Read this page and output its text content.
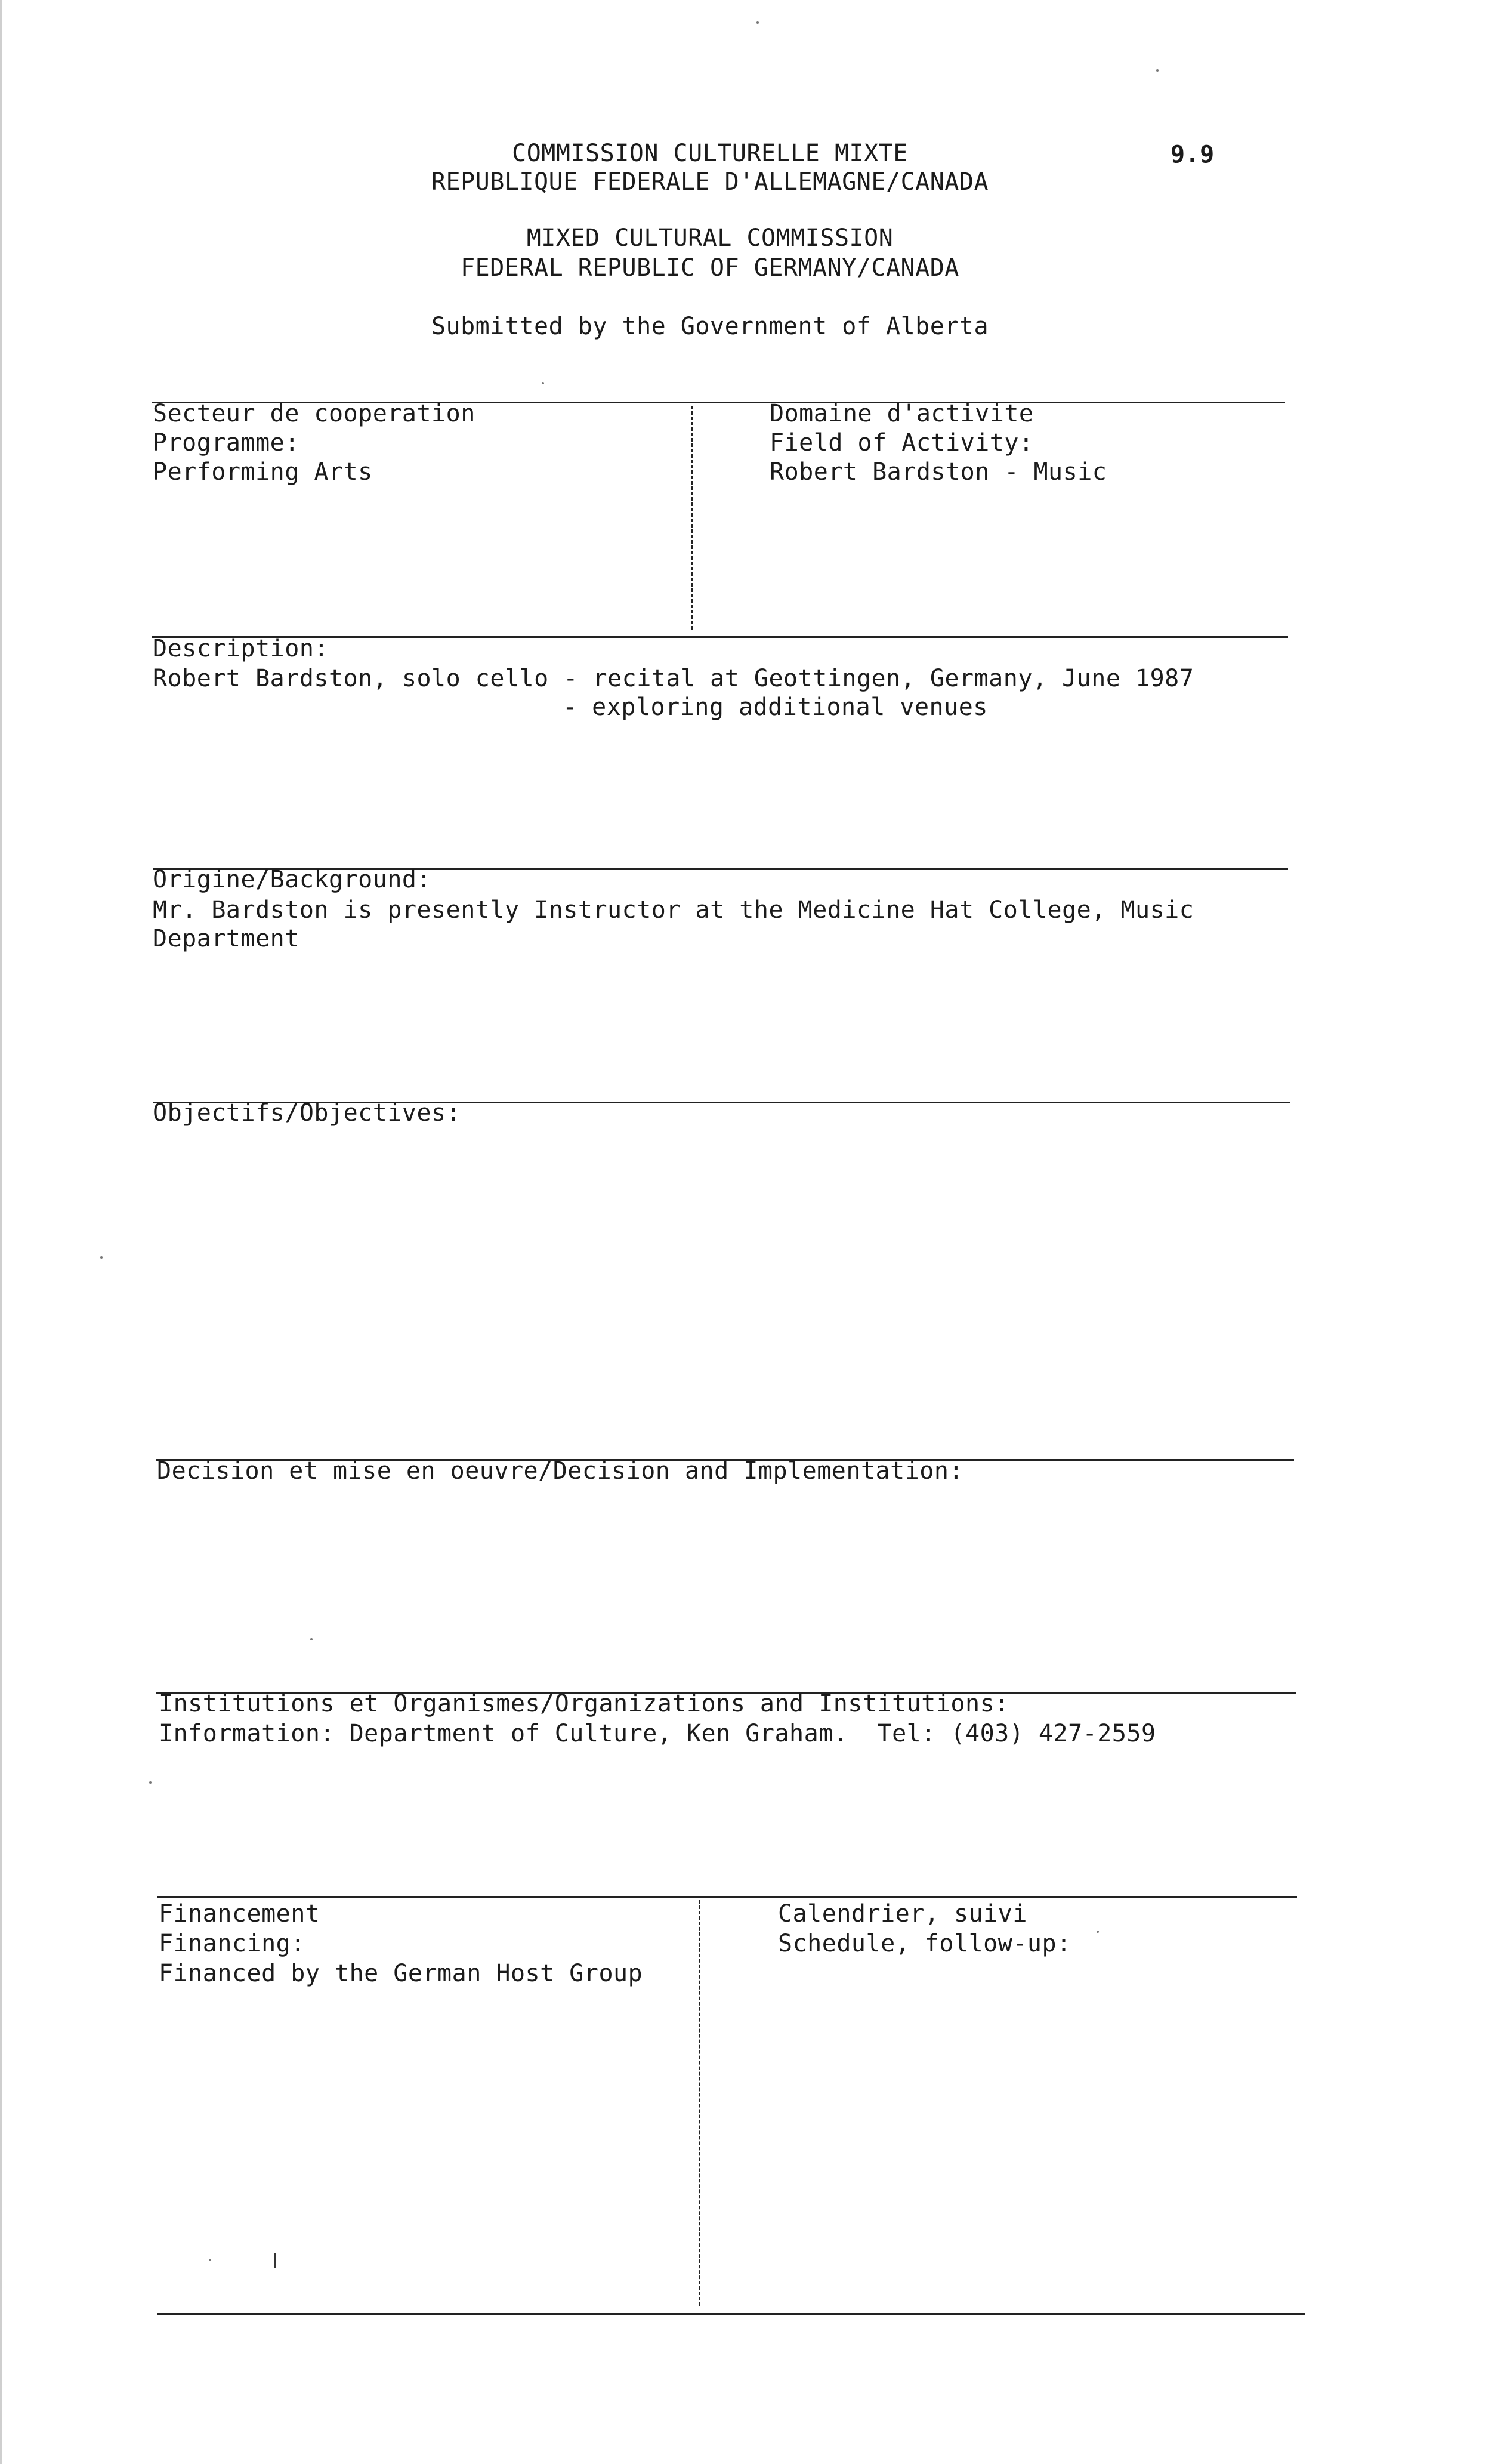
9.9
COMMISSION CULTURELLE MIXTE
REPUBLIQUE FEDERALE D'ALLEMAGNE/CANADA
MIXED CULTURAL COMMISSION
FEDERAL REPUBLIC OF GERMANY/CANADA
Submitted by the Government of Alberta
Secteur de cooperation
Programme:
Performing Arts
Domaine d'activite
Field of Activity:
Robert Bardston - Music
Description:
Robert Bardston, solo cello - recital at Geottingen, Germany, June 1987
- exploring additional venues
Origine/Background:
Mr. Bardston is presently Instructor at the Medicine Hat College, Music
Department
Objectifs/Objectives:
Decision et mise en oeuvre/Decision and Implementation:
Institutions et Organismes/Organizations and Institutions:
Information: Department of Culture, Ken Graham.  Tel: (403) 427-2559
Financement
Financing:
Financed by the German Host Group
Calendrier, suivi
Schedule, follow-up:
